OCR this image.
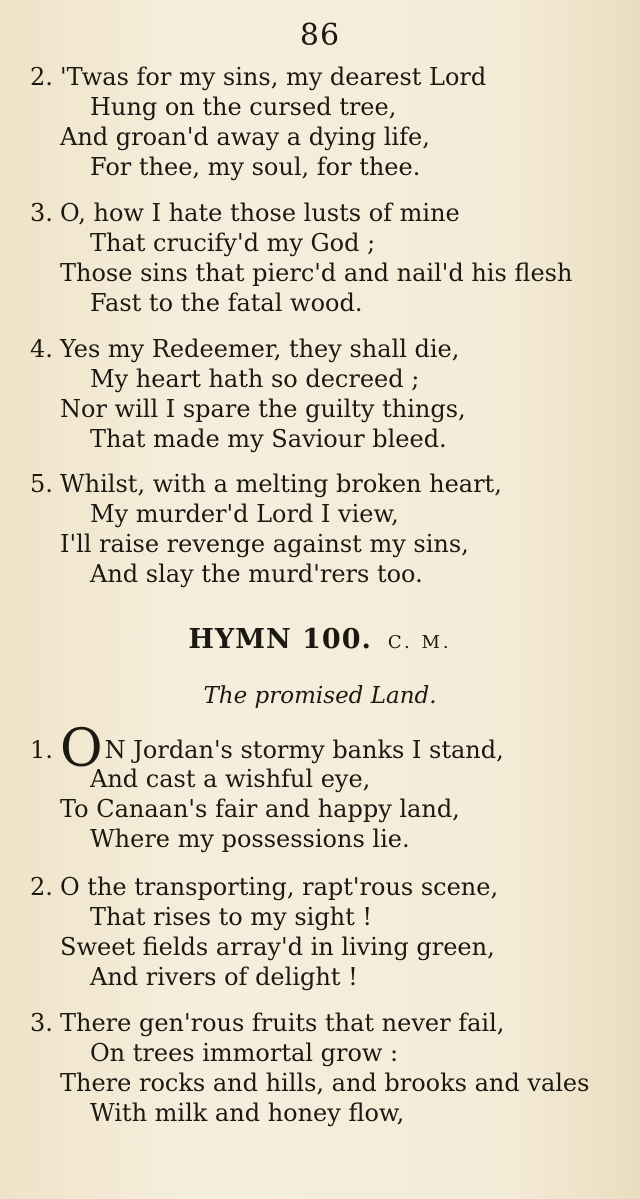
86
2. 'Twas for my sins, my dearest Lord
Hung on the cursed tree,
And groan'd away a dying life,
For thee, my soul, for thee.
3. O, how I hate those lusts of mine
That crucify'd my God ;
Those sins that pierc'd and nail'd his flesh
Fast to the fatal wood.
4. Yes my Redeemer, they shall die,
My heart hath so decreed ;
Nor will I spare the guilty things,
That made my Saviour bleed.
5. Whilst, with a melting broken heart,
My murder'd Lord I view,
I'll raise revenge against my sins,
And slay the murd'rers too.
HYMN 100. C. M.
The promised Land.
1. ON Jordan's stormy banks I stand,
And cast a wishful eye,
To Canaan's fair and happy land,
Where my possessions lie.
2. O the transporting, rapt'rous scene,
That rises to my sight !
Sweet fields array'd in living green,
And rivers of delight !
3. There gen'rous fruits that never fail,
On trees immortal grow :
There rocks and hills, and brooks and vales
With milk and honey flow,
